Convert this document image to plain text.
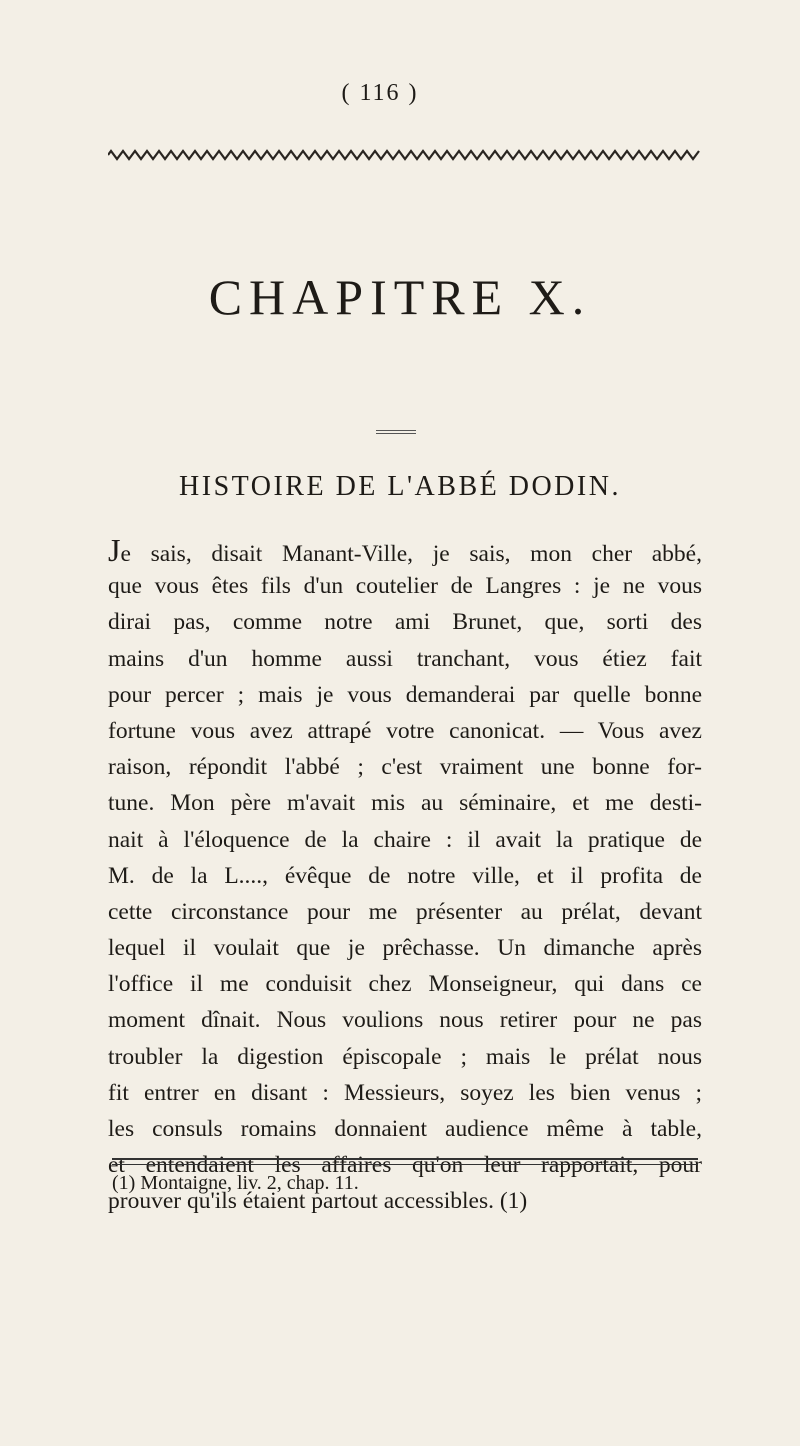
( 116 )
CHAPITRE X.
HISTOIRE DE L'ABBÉ DODIN.
Je sais, disait Manant-Ville, je sais, mon cher abbé,
que vous êtes fils d'un coutelier de Langres : je ne vous
dirai pas, comme notre ami Brunet, que, sorti des
mains d'un homme aussi tranchant, vous étiez fait
pour percer ; mais je vous demanderai par quelle bonne
fortune vous avez attrapé votre canonicat. — Vous avez
raison, répondit l'abbé ; c'est vraiment une bonne for-
tune. Mon père m'avait mis au séminaire, et me desti-
nait à l'éloquence de la chaire : il avait la pratique de
M. de la L...., évêque de notre ville, et il profita de
cette circonstance pour me présenter au prélat, devant
lequel il voulait que je prêchasse. Un dimanche après
l'office il me conduisit chez Monseigneur, qui dans ce
moment dînait. Nous voulions nous retirer pour ne pas
troubler la digestion épiscopale ; mais le prélat nous
fit entrer en disant : Messieurs, soyez les bien venus ;
les consuls romains donnaient audience même à table,
et entendaient les affaires qu'on leur rapportait, pour
prouver qu'ils étaient partout accessibles. (1)
(1) Montaigne, liv. 2, chap. 11.
